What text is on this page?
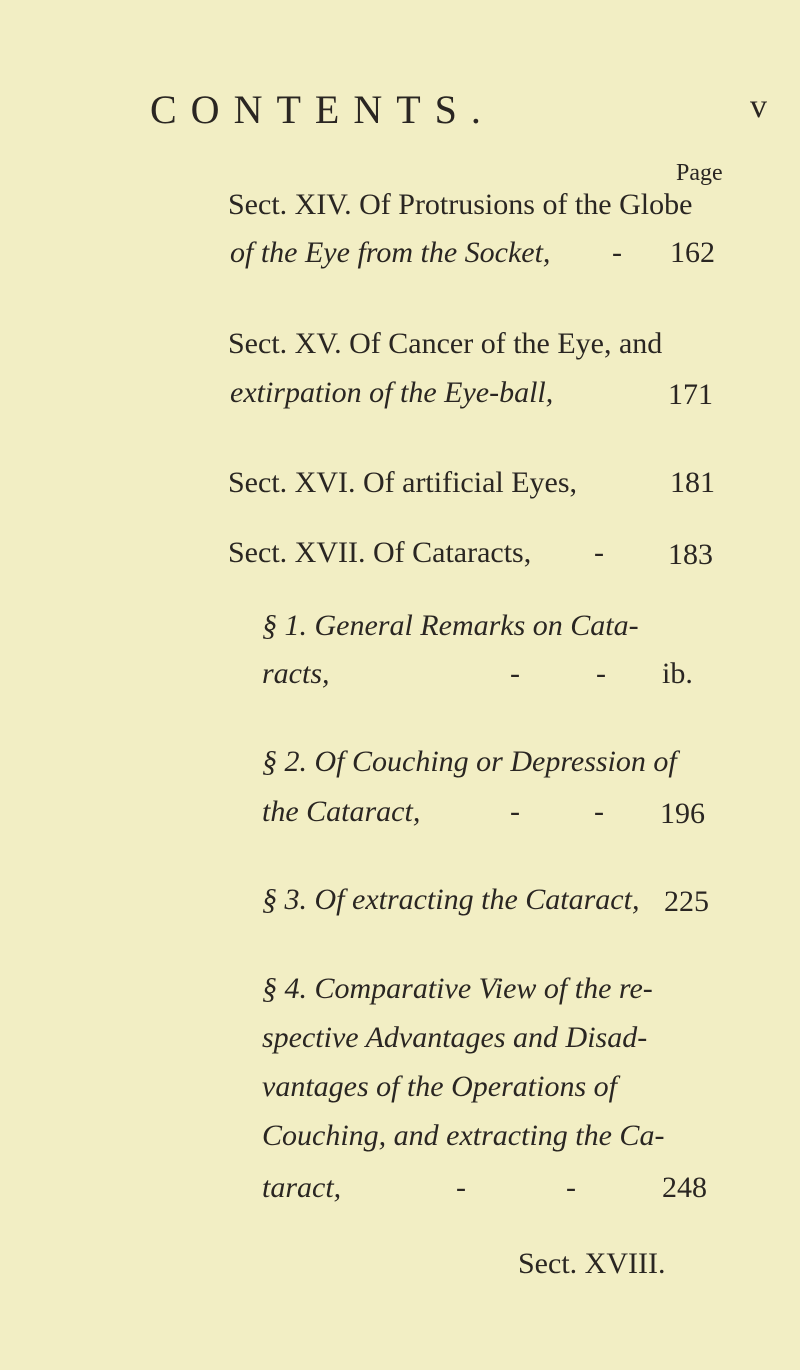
CONTENTS.	v
Page
Sect. XIV. Of Protrusions of the Globe
of the Eye from the Socket, - 162
Sect. XV. Of Cancer of the Eye, and
extirpation of the Eye-ball,	171
Sect. XVI. Of artificial Eyes,	181
Sect. XVII. Of Cataracts, - 183
§ 1. General Remarks on Cata-
racts,	-	- ib.
§ 2. Of Couching or Depression of
the Cataract,	- - 196
§ 3. Of extracting the Cataract, 225
§ 4. Comparative View of the re-
spective Advantages and Disad-
vantages of the Operations of
Couching, and extracting the Ca-
taract,	-	-	248
Sect. XVIII.
